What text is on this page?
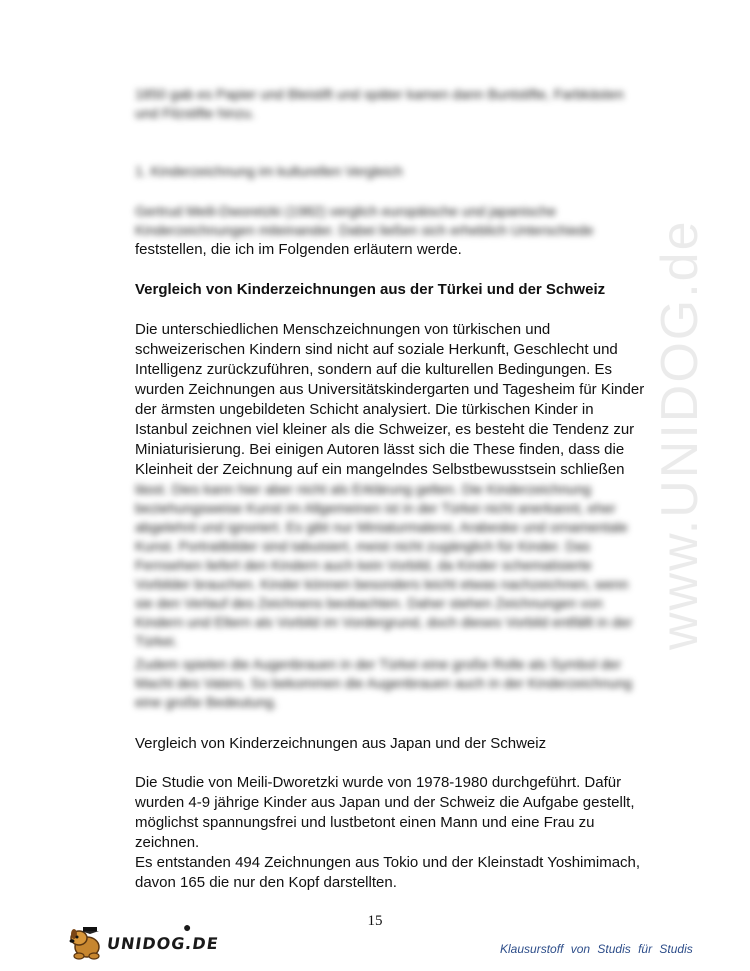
www.UNIDOG.de

1850 gab es Papier und Bleistift und später kamen dann Buntstifte, Farbkästen und Filzstifte hinzu.

1. Kinderzeichnung im kulturellen Vergleich

Gertrud Meili-Dworetzki (1982) verglich europäische und japanische Kinderzeichnungen miteinander. Dabei ließen sich erheblich Unterschiede

feststellen, die ich im Folgenden erläutern werde.

Vergleich von Kinderzeichnungen aus der Türkei und der Schweiz

Die unterschiedlichen Menschzeichnungen von türkischen und schweizerischen Kindern sind nicht auf soziale Herkunft, Geschlecht und Intelligenz zurückzuführen, sondern auf die kulturellen Bedingungen. Es wurden Zeichnungen aus Universitätskindergarten und Tagesheim für Kinder der ärmsten ungebildeten Schicht analysiert. Die türkischen Kinder in Istanbul zeichnen viel kleiner als die Schweizer, es besteht die Tendenz zur Miniaturisierung. Bei einigen Autoren lässt sich die These finden, dass die Kleinheit der Zeichnung auf ein mangelndes Selbstbewusstsein schließen

lässt. Dies kann hier aber nicht als Erklärung gelten. Die Kinderzeichnung beziehungsweise Kunst im Allgemeinen ist in der Türkei nicht anerkannt, eher abgelehnt und ignoriert. Es gibt nur Miniaturmalerei, Arabeske und ornamentale Kunst. Portraitbilder sind tabuisiert, meist nicht zugänglich für Kinder. Das Fernsehen liefert den Kindern auch kein Vorbild, da Kinder schematisierte Vorbilder brauchen. Kinder können besonders leicht etwas nachzeichnen, wenn sie den Verlauf des Zeichnens beobachten. Daher stehen Zeichnungen von Kindern und Eltern als Vorbild im Vordergrund, doch dieses Vorbild entfällt in der Türkei.

Zudem spielen die Augenbrauen in der Türkei eine große Rolle als Symbol der Macht des Vaters. So bekommen die Augenbrauen auch in der Kinderzeichnung eine große Bedeutung.

Vergleich von Kinderzeichnungen aus Japan und der Schweiz

Die Studie von Meili-Dworetzki wurde von 1978-1980 durchgeführt. Dafür wurden 4-9 jährige Kinder aus Japan und der Schweiz die Aufgabe gestellt, möglichst spannungsfrei und lustbetont einen Mann und eine Frau zu zeichnen.

Es entstanden 494 Zeichnungen aus Tokio und der Kleinstadt Yoshimimach, davon 165 die nur den Kopf darstellten.

15
UNIDOG.DE
●
Klausurstoff von Studis für Studis
